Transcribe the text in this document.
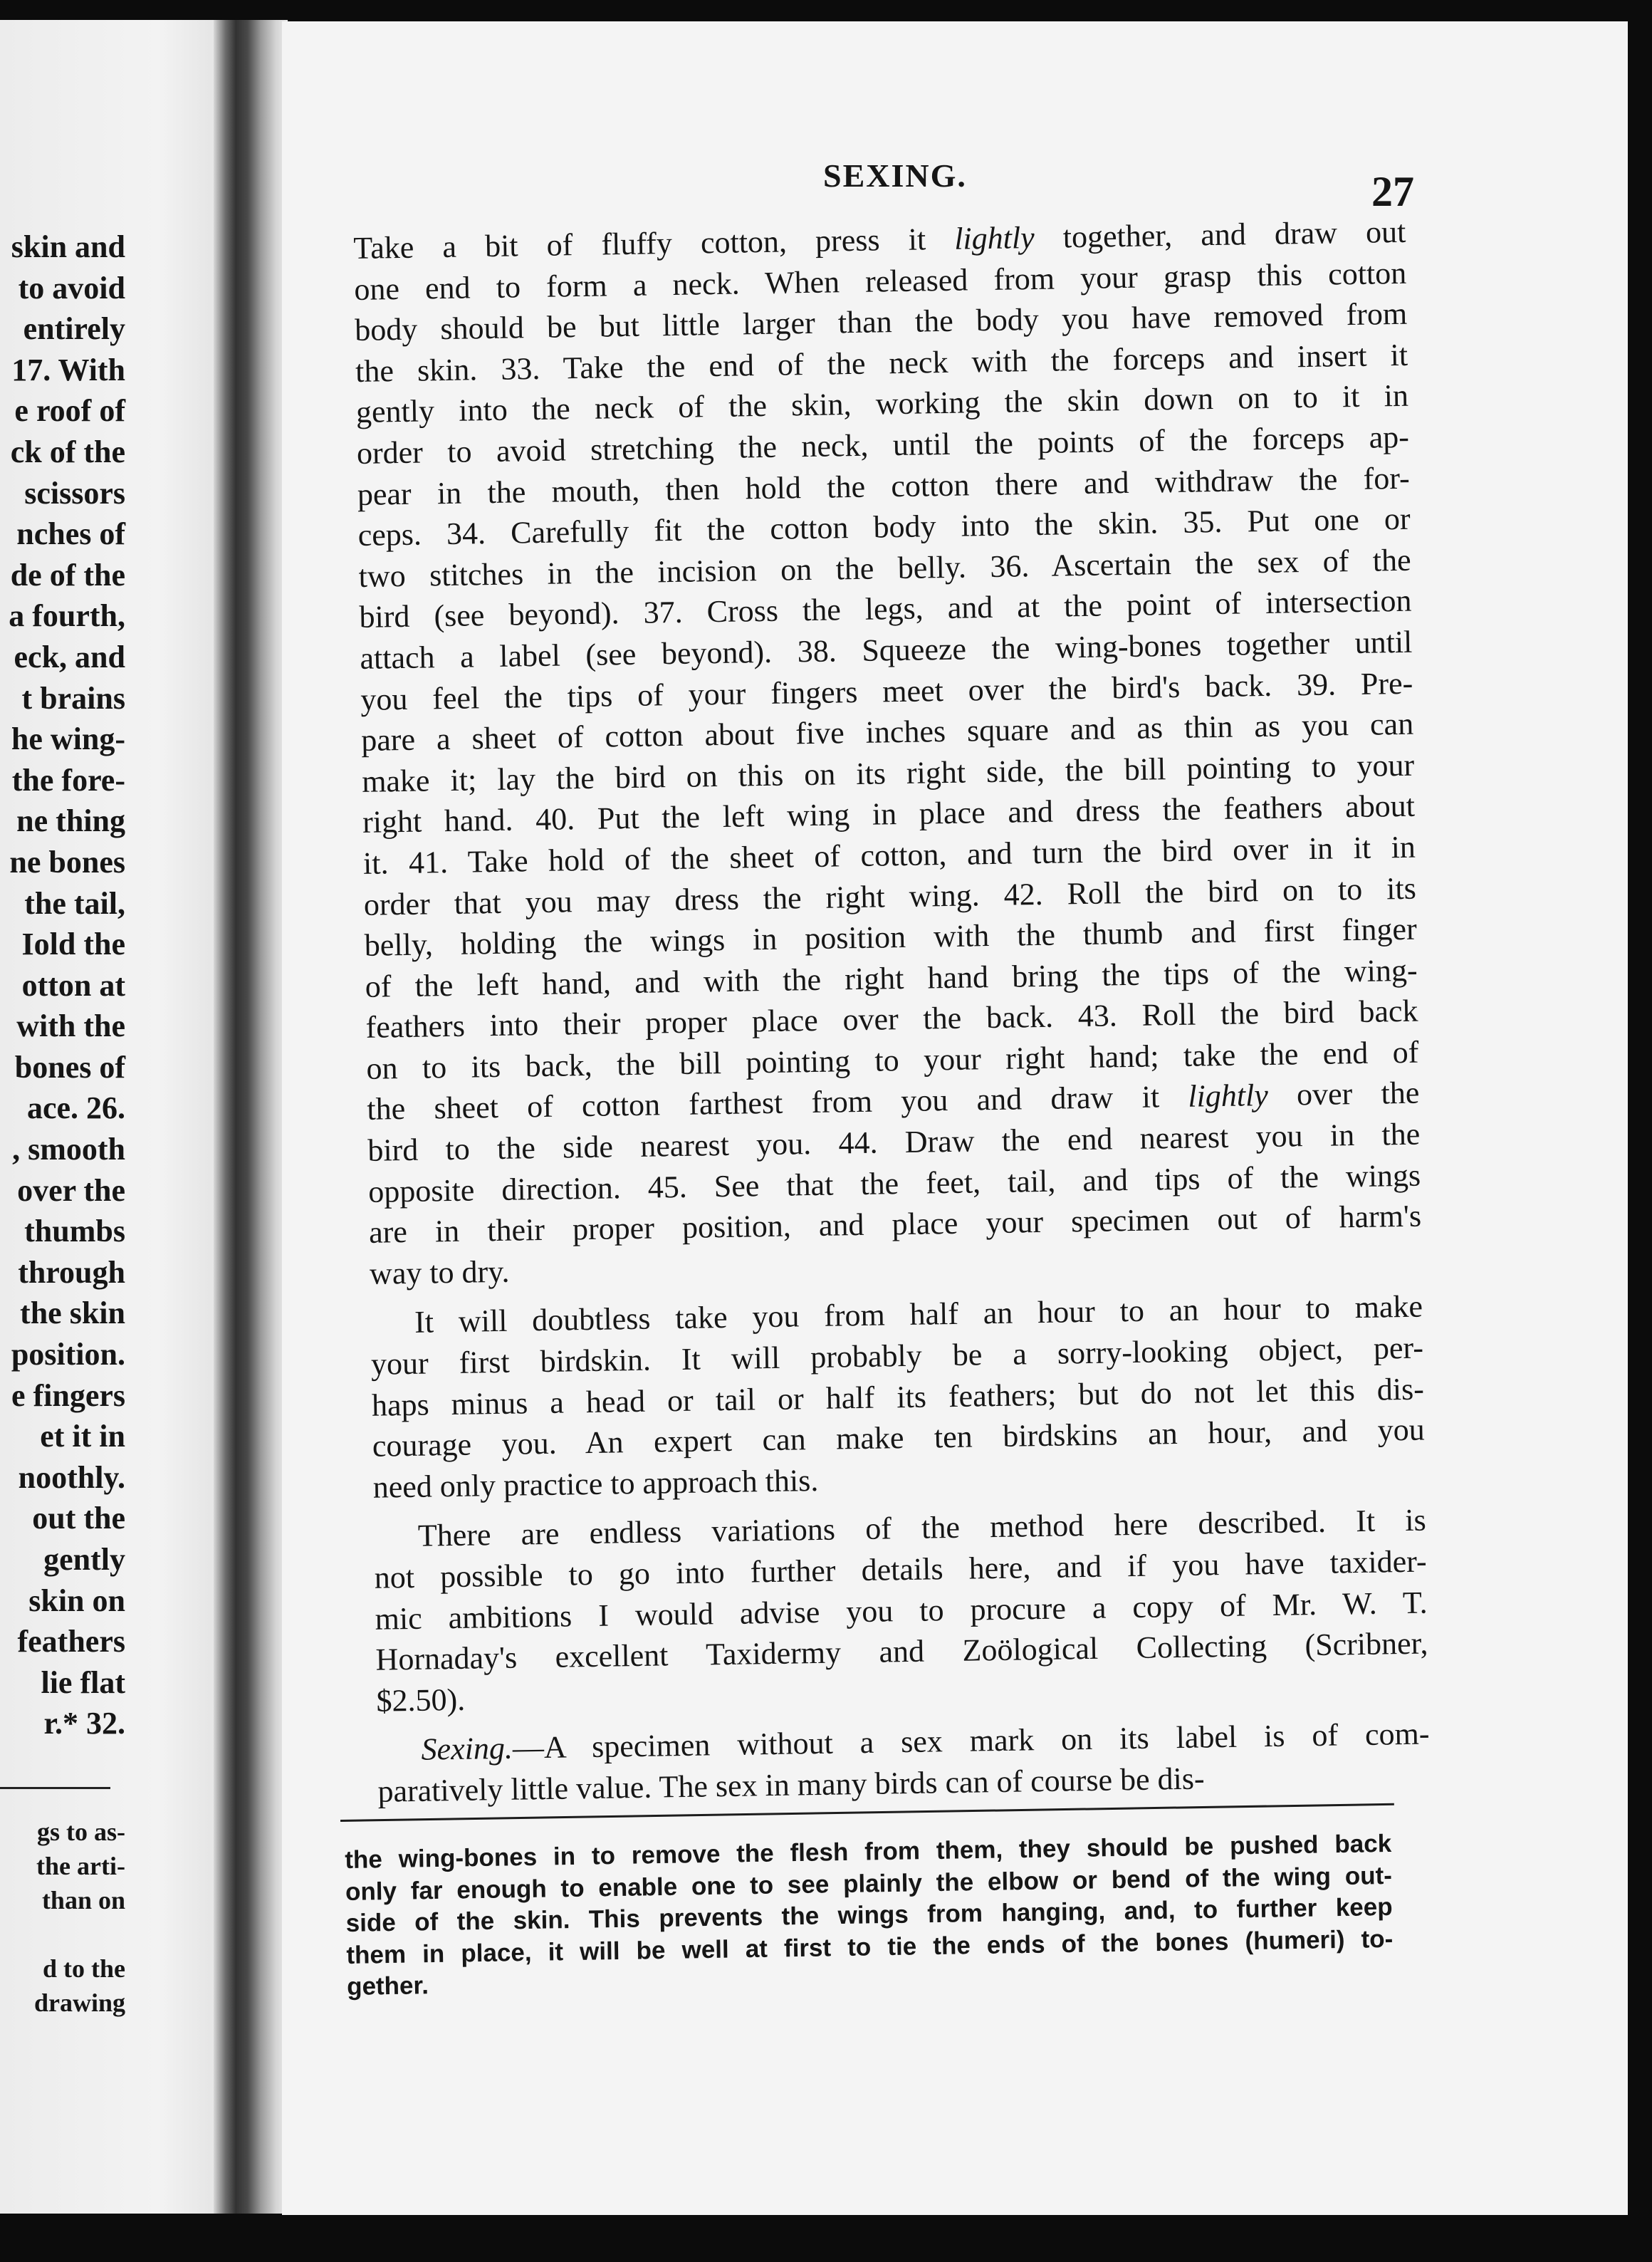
skin and
to avoid
entirely
17. With
e roof of
ck of the
scissors
nches of
de of the
a fourth,
eck, and
t brains
he wing-
the fore-
ne thing
ne bones
the tail,
Iold the
otton at
with the
bones of
ace. 26.
, smooth
over the
thumbs
through
the skin
position.
e fingers
et it in
noothly.
out the
gently
skin on
feathers
lie flat
r.* 32.
gs to as-
the arti-
than on
d to the
drawing
SEXING.	27
Take a bit of fluffy cotton, press it lightly together, and draw out
one end to form a neck. When released from your grasp this cotton
body should be but little larger than the body you have removed from
the skin. 33. Take the end of the neck with the forceps and insert it
gently into the neck of the skin, working the skin down on to it in
order to avoid stretching the neck, until the points of the forceps ap-
pear in the mouth, then hold the cotton there and withdraw the for-
ceps. 34. Carefully fit the cotton body into the skin. 35. Put one or
two stitches in the incision on the belly. 36. Ascertain the sex of the
bird (see beyond). 37. Cross the legs, and at the point of intersection
attach a label (see beyond). 38. Squeeze the wing-bones together until
you feel the tips of your fingers meet over the bird's back. 39. Pre-
pare a sheet of cotton about five inches square and as thin as you can
make it; lay the bird on this on its right side, the bill pointing to your
right hand. 40. Put the left wing in place and dress the feathers about
it. 41. Take hold of the sheet of cotton, and turn the bird over in it in
order that you may dress the right wing. 42. Roll the bird on to its
belly, holding the wings in position with the thumb and first finger
of the left hand, and with the right hand bring the tips of the wing-
feathers into their proper place over the back. 43. Roll the bird back
on to its back, the bill pointing to your right hand; take the end of
the sheet of cotton farthest from you and draw it lightly over the
bird to the side nearest you. 44. Draw the end nearest you in the
opposite direction. 45. See that the feet, tail, and tips of the wings
are in their proper position, and place your specimen out of harm's
way to dry.
It will doubtless take you from half an hour to an hour to make
your first birdskin. It will probably be a sorry-looking object, per-
haps minus a head or tail or half its feathers; but do not let this dis-
courage you. An expert can make ten birdskins an hour, and you
need only practice to approach this.
There are endless variations of the method here described. It is
not possible to go into further details here, and if you have taxider-
mic ambitions I would advise you to procure a copy of Mr. W. T.
Hornaday's excellent Taxidermy and Zoölogical Collecting (Scribner,
$2.50).
Sexing.—A specimen without a sex mark on its label is of com-
paratively little value. The sex in many birds can of course be dis-
the wing-bones in to remove the flesh from them, they should be pushed back
only far enough to enable one to see plainly the elbow or bend of the wing out-
side of the skin. This prevents the wings from hanging, and, to further keep
them in place, it will be well at first to tie the ends of the bones (humeri) to-
gether.
